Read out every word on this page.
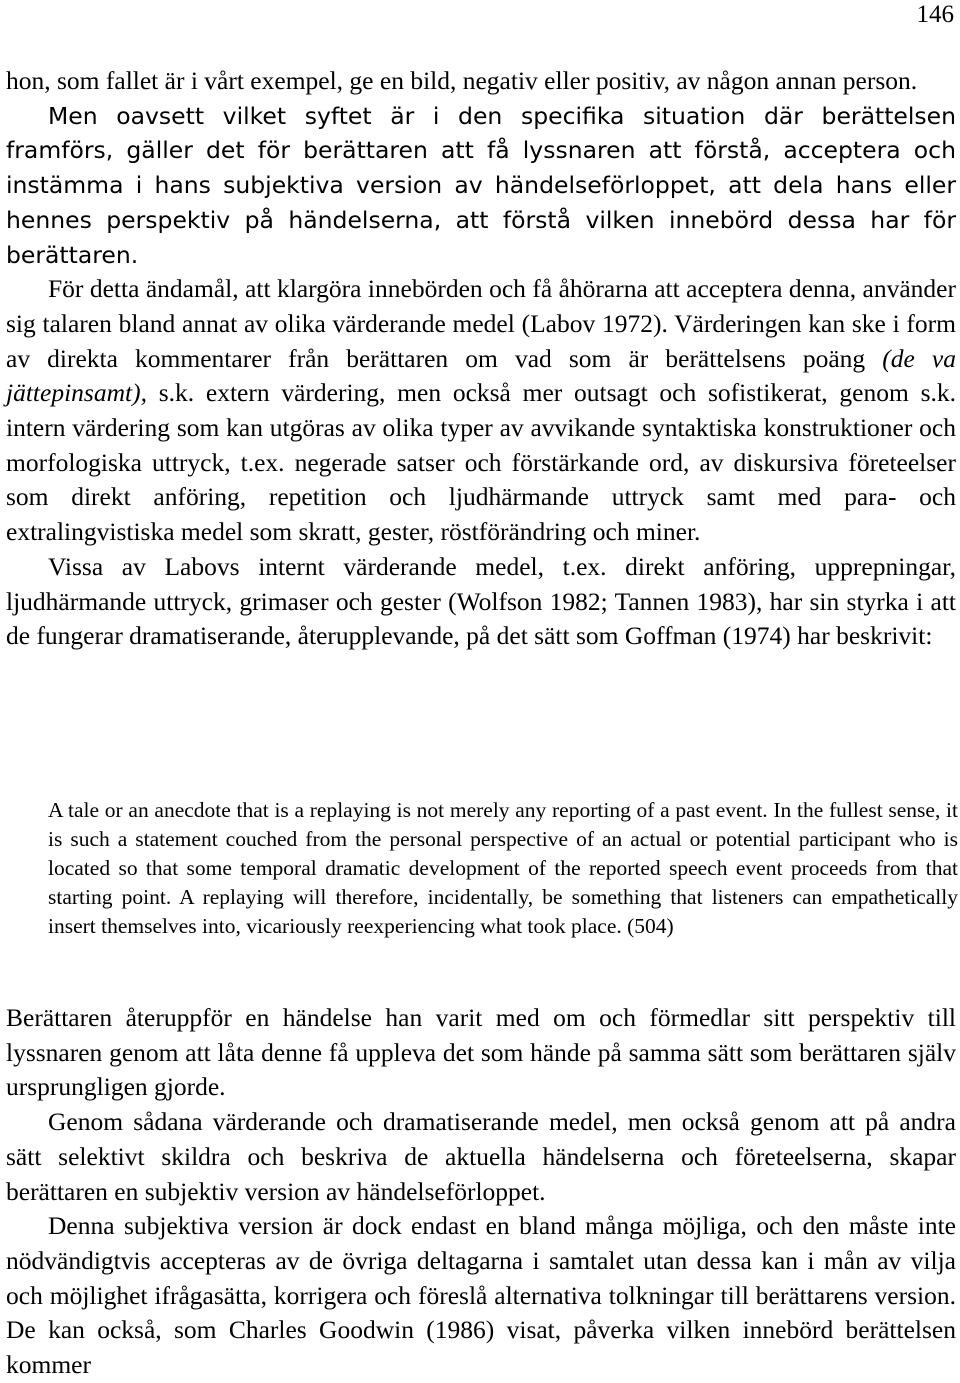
146

hon, som fallet är i vårt exempel, ge en bild, negativ eller positiv, av någon annan person.

Men oavsett vilket syftet är i den specifika situation där berättelsen framförs, gäller det för berättaren att få lyssnaren att förstå, acceptera och instämma i hans subjektiva version av händelseförloppet, att dela hans eller hennes perspektiv på händelserna, att förstå vilken innebörd dessa har för berättaren.

För detta ändamål, att klargöra innebörden och få åhörarna att acceptera denna, använder sig talaren bland annat av olika värderande medel (Labov 1972). Värderingen kan ske i form av direkta kommentarer från berättaren om vad som är berättelsens poäng (de va jättepinsamt), s.k. extern värdering, men också mer outsagt och sofistikerat, genom s.k. intern värdering som kan utgöras av olika typer av avvikande syntaktiska konstruktioner och morfologiska uttryck, t.ex. negerade satser och förstärkande ord, av diskursiva företeelser som direkt anföring, repetition och ljudhärmande uttryck samt med para- och extralingvistiska medel som skratt, gester, röstförändring och miner.

Vissa av Labovs internt värderande medel, t.ex. direkt anföring, upprepningar, ljudhärmande uttryck, grimaser och gester (Wolfson 1982; Tannen 1983), har sin styrka i att de fungerar dramatiserande, återupplevande, på det sätt som Goffman (1974) har beskrivit:

A tale or an anecdote that is a replaying is not merely any reporting of a past event. In the fullest sense, it is such a statement couched from the personal perspective of an actual or potential participant who is located so that some temporal dramatic development of the reported speech event proceeds from that starting point. A replaying will therefore, incidentally, be something that listeners can empathetically insert themselves into, vicariously reexperiencing what took place. (504)

Berättaren återuppför en händelse han varit med om och förmedlar sitt perspektiv till lyssnaren genom att låta denne få uppleva det som hände på samma sätt som berättaren själv ursprungligen gjorde.

Genom sådana värderande och dramatiserande medel, men också genom att på andra sätt selektivt skildra och beskriva de aktuella händelserna och företeelserna, skapar berättaren en subjektiv version av händelseförloppet.

Denna subjektiva version är dock endast en bland många möjliga, och den måste inte nödvändigtvis accepteras av de övriga deltagarna i samtalet utan dessa kan i mån av vilja och möjlighet ifrågasätta, korrigera och föreslå alternativa tolkningar till berättarens version. De kan också, som Charles Goodwin (1986) visat, påverka vilken innebörd berättelsen kommer
